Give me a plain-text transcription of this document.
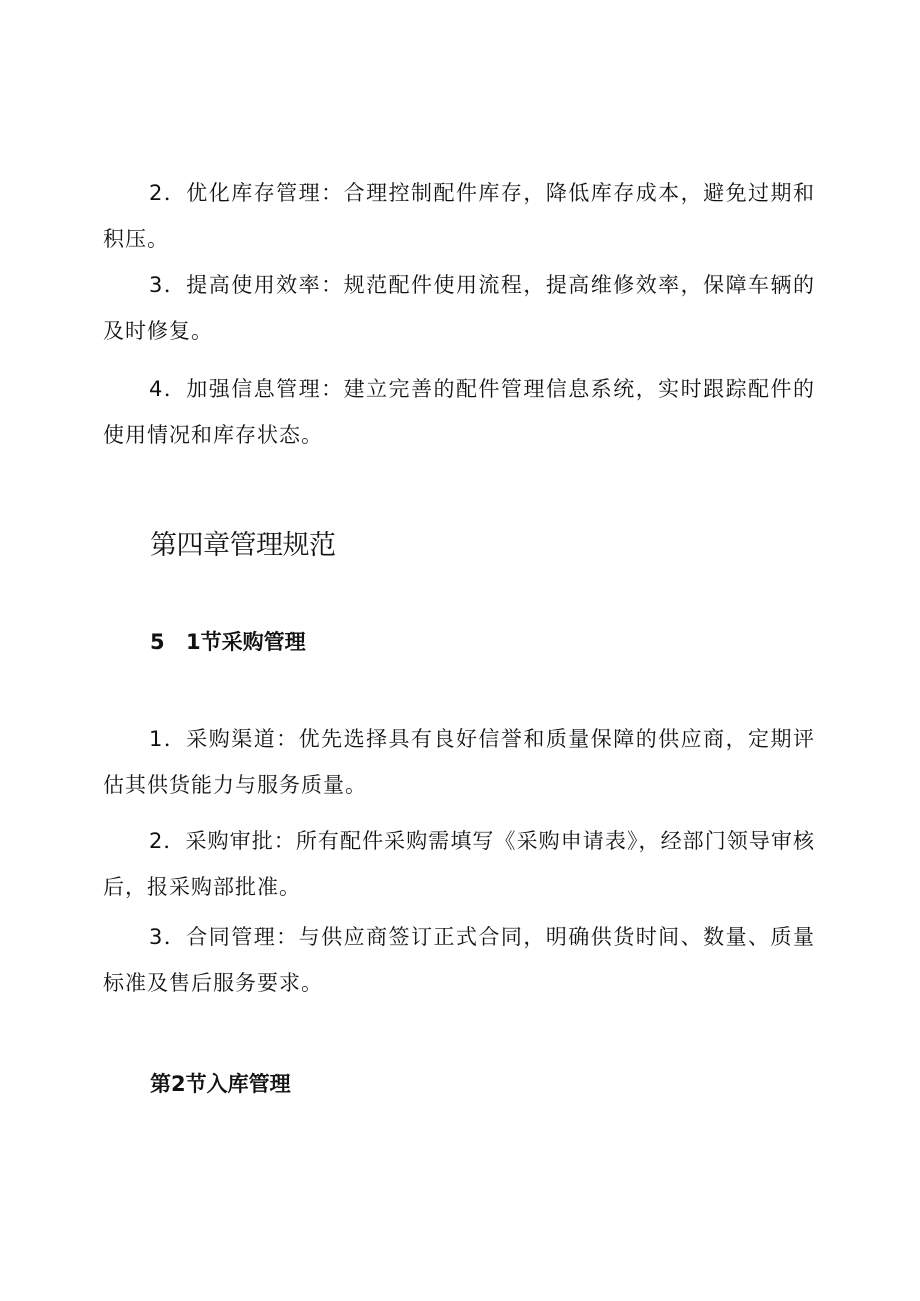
2．优化库存管理：合理控制配件库存，降低库存成本，避免过期和积压。

3．提高使用效率：规范配件使用流程，提高维修效率，保障车辆的及时修复。

4．加强信息管理：建立完善的配件管理信息系统，实时跟踪配件的使用情况和库存状态。

第四章管理规范
5 1节采购管理

1．采购渠道：优先选择具有良好信誉和质量保障的供应商，定期评估其供货能力与服务质量。

2．采购审批：所有配件采购需填写《采购申请表》，经部门领导审核后，报采购部批准。

3．合同管理：与供应商签订正式合同，明确供货时间、数量、质量标准及售后服务要求。

第2节入库管理
